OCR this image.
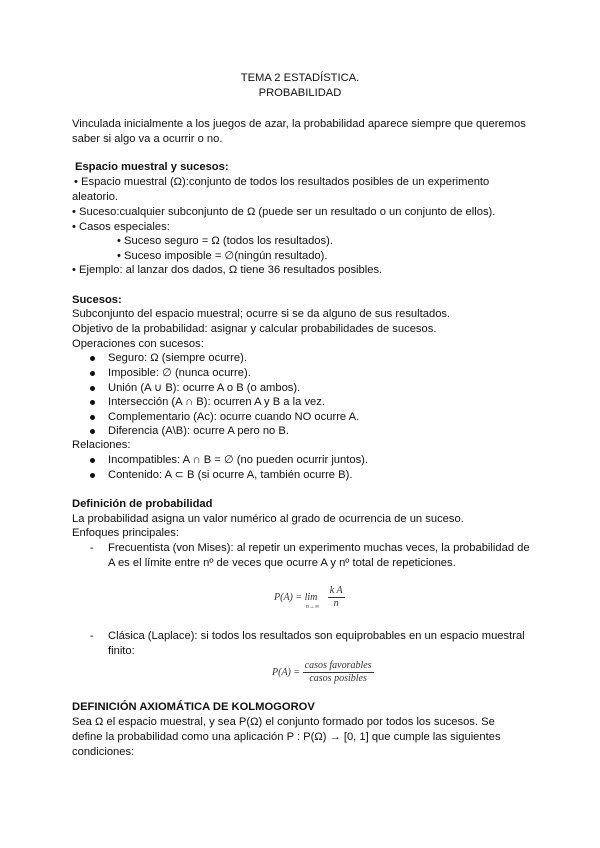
TEMA 2 ESTADÍSTICA.
PROBABILIDAD
Vinculada inicialmente a los juegos de azar, la probabilidad aparece siempre que queremos
saber si algo va a ocurrir o no.
Espacio muestral y sucesos:
• Espacio muestral (Ω):conjunto de todos los resultados posibles de un experimento
aleatorio.
• Suceso:cualquier subconjunto de Ω (puede ser un resultado o un conjunto de ellos).
• Casos especiales:
• Suceso seguro = Ω (todos los resultados).
• Suceso imposible = ∅(ningún resultado).
• Ejemplo: al lanzar dos dados, Ω tiene 36 resultados posibles.
Sucesos:
Subconjunto del espacio muestral; ocurre si se da alguno de sus resultados.
Objetivo de la probabilidad: asignar y calcular probabilidades de sucesos.
Operaciones con sucesos:
Seguro: Ω (siempre ocurre).
Imposible: ∅ (nunca ocurre).
Unión (A ∪ B): ocurre A o B (o ambos).
Intersección (A ∩ B): ocurren A y B a la vez.
Complementario (Ac): ocurre cuando NO ocurre A.
Diferencia (A\B): ocurre A pero no B.
Relaciones:
Incompatibles: A ∩ B = ∅ (no pueden ocurrir juntos).
Contenido: A ⊂ B (si ocurre A, también ocurre B).
Definición de probabilidad
La probabilidad asigna un valor numérico al grado de ocurrencia de un suceso.
Enfoques principales:
- Frecuentista (von Mises): al repetir un experimento muchas veces, la probabilidad de
A es el límite entre nº de veces que ocurre A y nº total de repeticiones.
$P(A) = \lim _{n\to\infty} \frac{\text{k A}}{n}$
- Clásica (Laplace): si todos los resultados son equiprobables en un espacio muestral
finito:
$P(A) = \frac{\text{casos favorables}}{\text{casos posibles}}$
DEFINICIÓN AXIOMÁTICA DE KOLMOGOROV
Sea Ω el espacio muestral, y sea P(Ω) el conjunto formado por todos los sucesos. Se
define la probabilidad como una aplicación P : P(Ω) → [0, 1] que cumple las siguientes
condiciones:
